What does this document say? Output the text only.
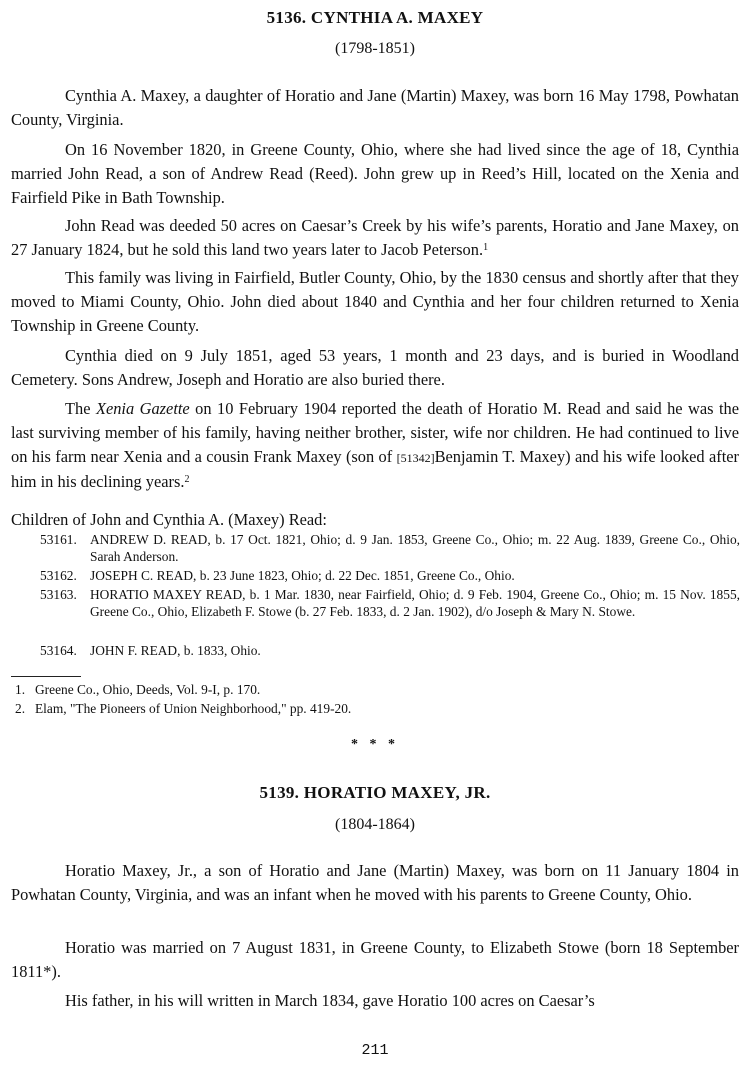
5136. CYNTHIA A. MAXEY
(1798-1851)

Cynthia A. Maxey, a daughter of Horatio and Jane (Martin) Maxey, was born 16 May 1798, Powhatan County, Virginia.

On 16 November 1820, in Greene County, Ohio, where she had lived since the age of 18, Cynthia married John Read, a son of Andrew Read (Reed). John grew up in Reed’s Hill, located on the Xenia and Fairfield Pike in Bath Township.

John Read was deeded 50 acres on Caesar’s Creek by his wife’s parents, Horatio and Jane Maxey, on 27 January 1824, but he sold this land two years later to Jacob Peterson.$^1$

This family was living in Fairfield, Butler County, Ohio, by the 1830 census and shortly after that they moved to Miami County, Ohio. John died about 1840 and Cynthia and her four children returned to Xenia Township in Greene County.

Cynthia died on 9 July 1851, aged 53 years, 1 month and 23 days, and is buried in Woodland Cemetery. Sons Andrew, Joseph and Horatio are also buried there.

The Xenia Gazette on 10 February 1904 reported the death of Horatio M. Read and said he was the last surviving member of his family, having neither brother, sister, wife nor children. He had continued to live on his farm near Xenia and a cousin Frank Maxey (son of [51342]Benjamin T. Maxey) and his wife looked after him in his declining years.$^2$

Children of John and Cynthia A. (Maxey) Read:
53161. ANDREW D. READ, b. 17 Oct. 1821, Ohio; d. 9 Jan. 1853, Greene Co., Ohio; m. 22 Aug. 1839, Greene Co., Ohio, Sarah Anderson.
53162. JOSEPH C. READ, b. 23 June 1823, Ohio; d. 22 Dec. 1851, Greene Co., Ohio.
53163. HORATIO MAXEY READ, b. 1 Mar. 1830, near Fairfield, Ohio; d. 9 Feb. 1904, Greene Co., Ohio; m. 15 Nov. 1855, Greene Co., Ohio, Elizabeth F. Stowe (b. 27 Feb. 1833, d. 2 Jan. 1902), d/o Joseph & Mary N. Stowe.
53164. JOHN F. READ, b. 1833, Ohio.
1. Greene Co., Ohio, Deeds, Vol. 9-I, p. 170.
2. Elam, "The Pioneers of Union Neighborhood," pp. 419-20.
* * *
5139. HORATIO MAXEY, JR.
(1804-1864)

Horatio Maxey, Jr., a son of Horatio and Jane (Martin) Maxey, was born on 11 January 1804 in Powhatan County, Virginia, and was an infant when he moved with his parents to Greene County, Ohio.

Horatio was married on 7 August 1831, in Greene County, to Elizabeth Stowe (born 18 September 1811*).

His father, in his will written in March 1834, gave Horatio 100 acres on Caesar’s

211
